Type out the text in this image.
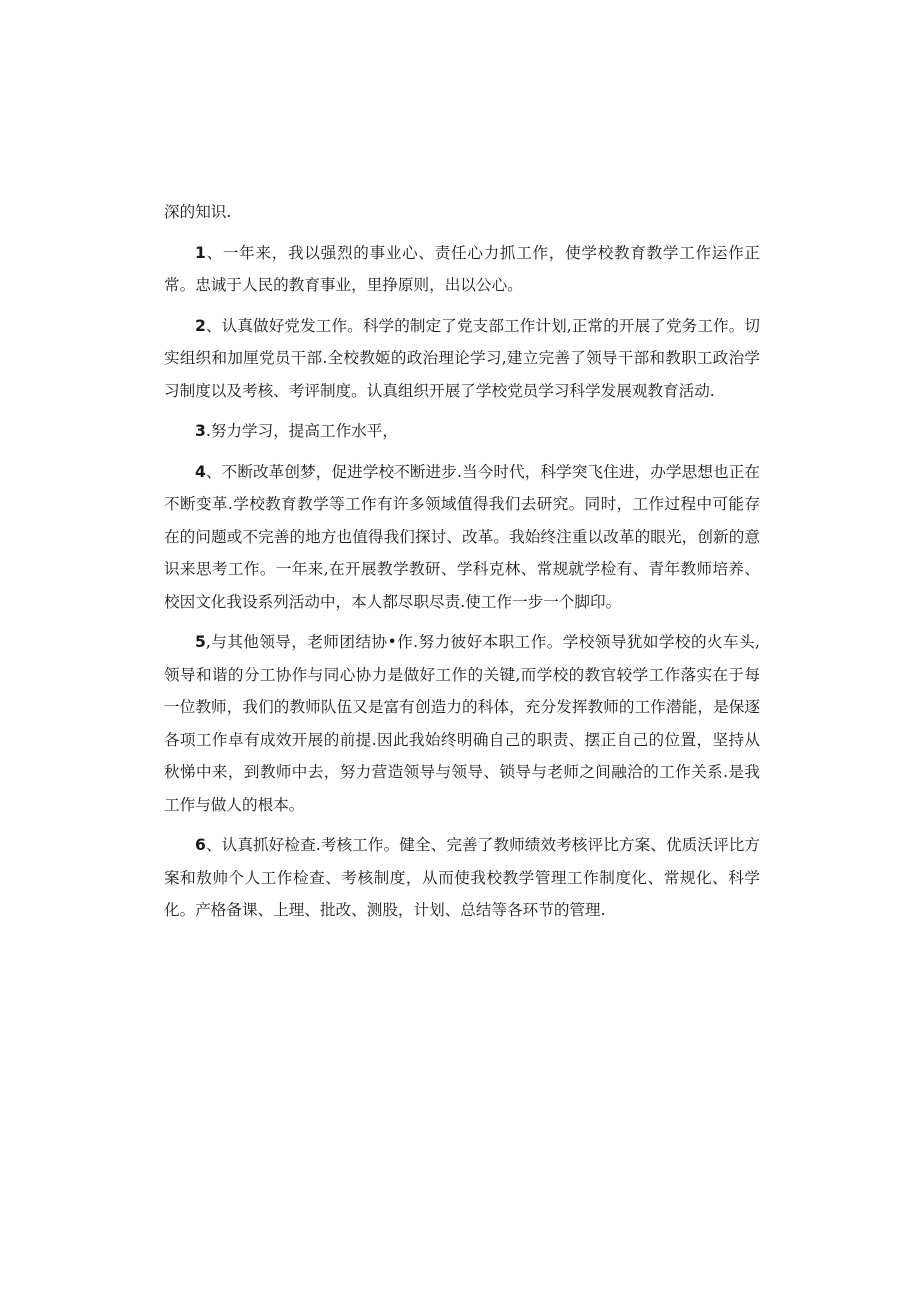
深的知识.

1、一年来，我以强烈的事业心、责任心力抓工作，使学校教育教学工作运作正常。忠诚于人民的教育事业，里挣原则，出以公心。

2、认真做好党发工作。科学的制定了党支部工作计划,正常的开展了党务工作。切实组织和加厘党员干部.全校教姬的政治理论学习,建立完善了领导干部和教职工政治学习制度以及考核、考评制度。认真组织开展了学校党员学习科学发展观教育活动.

3.努力学习，提高工作水平，

4、不断改革创梦，促进学校不断进步.当今时代，科学突飞住进，办学思想也正在不断变革.学校教育教学等工作有许多领域值得我们去研究。同时，工作过程中可能存在的问题或不完善的地方也值得我们探讨、改革。我始终注重以改革的眼光，创新的意识来思考工作。一年来,在开展教学教研、学科克林、常规就学检有、青年教师培养、校因文化我设系列活动中，本人都尽职尽责.使工作一步一个脚印。

5,与其他领导，老师团结协•作.努力彼好本职工作。学校领导犹如学校的火车头,领导和谐的分工协作与同心协力是做好工作的关键,而学校的教官较学工作落实在于每一位教师，我们的教师队伍又是富有创造力的科体，充分发挥教师的工作潜能，是保逐各项工作卓有成效开展的前提.因此我始终明确自己的职责、摆正自己的位置，坚持从秋悌中来，到教师中去，努力营造领导与领导、锁导与老师之间融洽的工作关系.是我工作与做人的根本。

6、认真抓好检查.考核工作。健全、完善了教师绩效考核评比方案、优质沃评比方案和敖帅个人工作检查、考核制度，从而使我校教学管理工作制度化、常规化、科学化。产格备课、上理、批改、测股，计划、总结等各环节的管理.
